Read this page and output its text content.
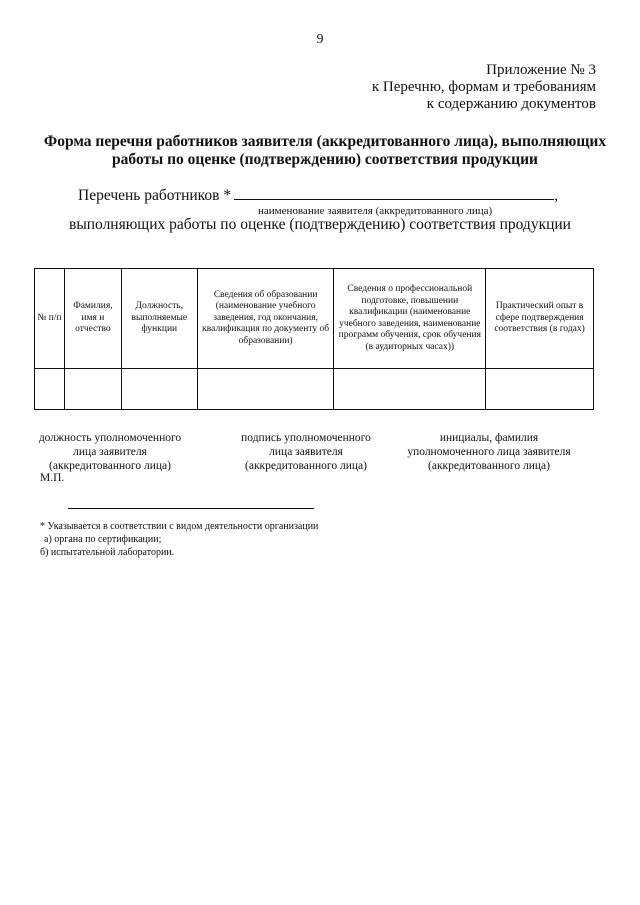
9
Приложение № 3
к Перечню, формам и требованиям
к содержанию документов
Форма перечня работников заявителя (аккредитованного лица), выполняющих
работы по оценке (подтверждению) соответствия продукции
Перечень работников *	,
наименование заявителя (аккредитованного лица)
выполняющих работы по оценке (подтверждению) соответствия продукции
№ п/п	Фамилия, имя и отчество	Должность, выполняемые функции	Сведения об образовании (наименование учебного заведения, год окончания, квалификация по документу об образовании)	Сведения о профессиональной подготовке, повышении квалификации (наименование учебного заведения, наименование программ обучения, срок обучения (в аудиторных часах))	Практический опыт в сфере подтверждения соответствия (в годах)

должность уполномоченного
лица заявителя
(аккредитованного лица)
подпись уполномоченного
лица заявителя
(аккредитованного лица)
инициалы, фамилия
уполномоченного лица заявителя
(аккредитованного лица)
М.П.
* Указывается в соответствии с видом деятельности организации
а) органа по сертификации;
б) испытательной лаборатории.
